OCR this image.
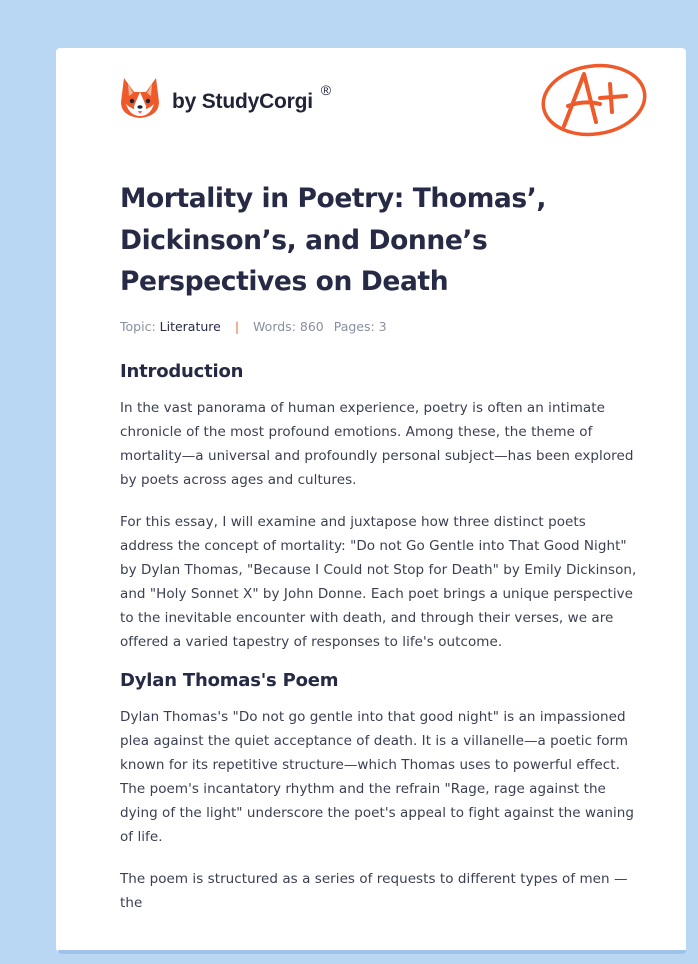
by StudyCorgi ®
Mortality in Poetry: Thomas’, Dickinson’s, and Donne’s Perspectives on Death
Topic: Literature | Words: 860 Pages: 3
Introduction

In the vast panorama of human experience, poetry is often an intimate chronicle of the most profound emotions. Among these, the theme of mortality—a universal and profoundly personal subject—has been explored by poets across ages and cultures.

For this essay, I will examine and juxtapose how three distinct poets address the concept of mortality: "Do not Go Gentle into That Good Night" by Dylan Thomas, "Because I Could not Stop for Death" by Emily Dickinson, and "Holy Sonnet X" by John Donne. Each poet brings a unique perspective to the inevitable encounter with death, and through their verses, we are offered a varied tapestry of responses to life's outcome.

Dylan Thomas's Poem

Dylan Thomas's "Do not go gentle into that good night" is an impassioned plea against the quiet acceptance of death. It is a villanelle—a poetic form known for its repetitive structure—which Thomas uses to powerful effect. The poem's incantatory rhythm and the refrain "Rage, rage against the dying of the light" underscore the poet's appeal to fight against the waning of life.

The poem is structured as a series of requests to different types of men —the
